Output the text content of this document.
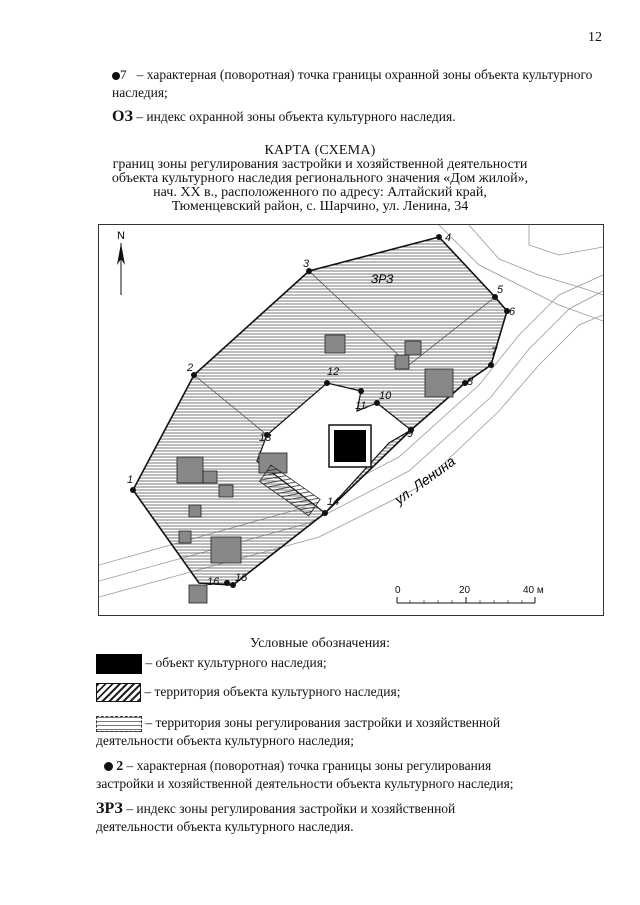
12
7 – характерная (поворотная) точка границы охранной зоны объекта культурного наследия;
ОЗ – индекс охранной зоны объекта культурного наследия.
КАРТА (СХЕМА)
границ зоны регулирования застройки и хозяйственной деятельности
объекта культурного наследия регионального значения «Дом жилой»,
нач. XX в., расположенного по адресу: Алтайский край,
Тюменцевский район, с. Шарчино, ул. Ленина, 34
N
ЗРЗ
ул. Ленина
1
2
3
4
5
6
7
8
9
10
11
12
13
14
15
16
0	20	40 м
Условные обозначения:
– объект культурного наследия;
– территория объекта культурного наследия;
– территория зоны регулирования застройки и хозяйственной
деятельности объекта культурного наследия;
2 – характерная (поворотная) точка границы зоны регулирования
застройки и хозяйственной деятельности объекта культурного наследия;
ЗРЗ – индекс зоны регулирования застройки и хозяйственной
деятельности объекта культурного наследия.
